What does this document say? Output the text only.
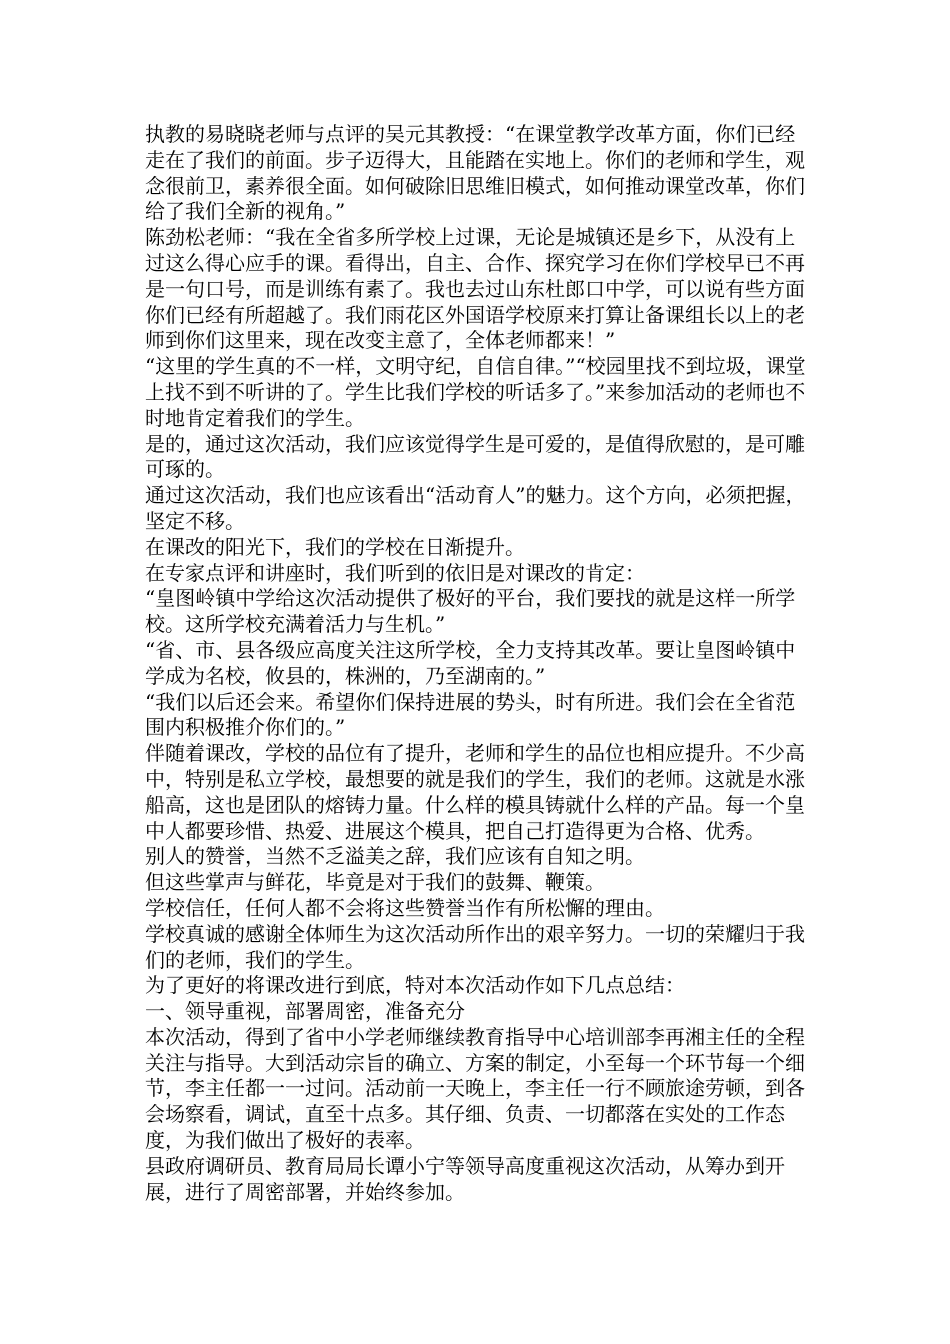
执教的易晓晓老师与点评的吴元其教授：“在课堂教学改革方面，你们已经走在了我们的前面。步子迈得大，且能踏在实地上。你们的老师和学生，观念很前卫，素养很全面。如何破除旧思维旧模式，如何推动课堂改革，你们给了我们全新的视角。”

陈劲松老师：“我在全省多所学校上过课，无论是城镇还是乡下，从没有上过这么得心应手的课。看得出，自主、合作、探究学习在你们学校早已不再是一句口号，而是训练有素了。我也去过山东杜郎口中学，可以说有些方面你们已经有所超越了。我们雨花区外国语学校原来打算让备课组长以上的老师到你们这里来，现在改变主意了，全体老师都来！”

“这里的学生真的不一样，文明守纪，自信自律。”“校园里找不到垃圾，课堂上找不到不听讲的了。学生比我们学校的听话多了。”来参加活动的老师也不时地肯定着我们的学生。

是的，通过这次活动，我们应该觉得学生是可爱的，是值得欣慰的，是可雕可琢的。

通过这次活动，我们也应该看出“活动育人”的魅力。这个方向，必须把握，坚定不移。

在课改的阳光下，我们的学校在日渐提升。

在专家点评和讲座时，我们听到的依旧是对课改的肯定：

“皇图岭镇中学给这次活动提供了极好的平台，我们要找的就是这样一所学校。这所学校充满着活力与生机。”

“省、市、县各级应高度关注这所学校，全力支持其改革。要让皇图岭镇中学成为名校，攸县的，株洲的，乃至湖南的。”

“我们以后还会来。希望你们保持进展的势头，时有所进。我们会在全省范围内积极推介你们的。”

伴随着课改，学校的品位有了提升，老师和学生的品位也相应提升。不少高中，特别是私立学校，最想要的就是我们的学生，我们的老师。这就是水涨船高，这也是团队的熔铸力量。什么样的模具铸就什么样的产品。每一个皇中人都要珍惜、热爱、进展这个模具，把自己打造得更为合格、优秀。

别人的赞誉，当然不乏溢美之辞，我们应该有自知之明。

但这些掌声与鲜花，毕竟是对于我们的鼓舞、鞭策。

学校信任，任何人都不会将这些赞誉当作有所松懈的理由。

学校真诚的感谢全体师生为这次活动所作出的艰辛努力。一切的荣耀归于我们的老师，我们的学生。

为了更好的将课改进行到底，特对本次活动作如下几点总结：

一、领导重视，部署周密，准备充分

本次活动，得到了省中小学老师继续教育指导中心培训部李再湘主任的全程关注与指导。大到活动宗旨的确立、方案的制定，小至每一个环节每一个细节，李主任都一一过问。活动前一天晚上，李主任一行不顾旅途劳顿，到各会场察看，调试，直至十点多。其仔细、负责、一切都落在实处的工作态度，为我们做出了极好的表率。

县政府调研员、教育局局长谭小宁等领导高度重视这次活动，从筹办到开展，进行了周密部署，并始终参加。
